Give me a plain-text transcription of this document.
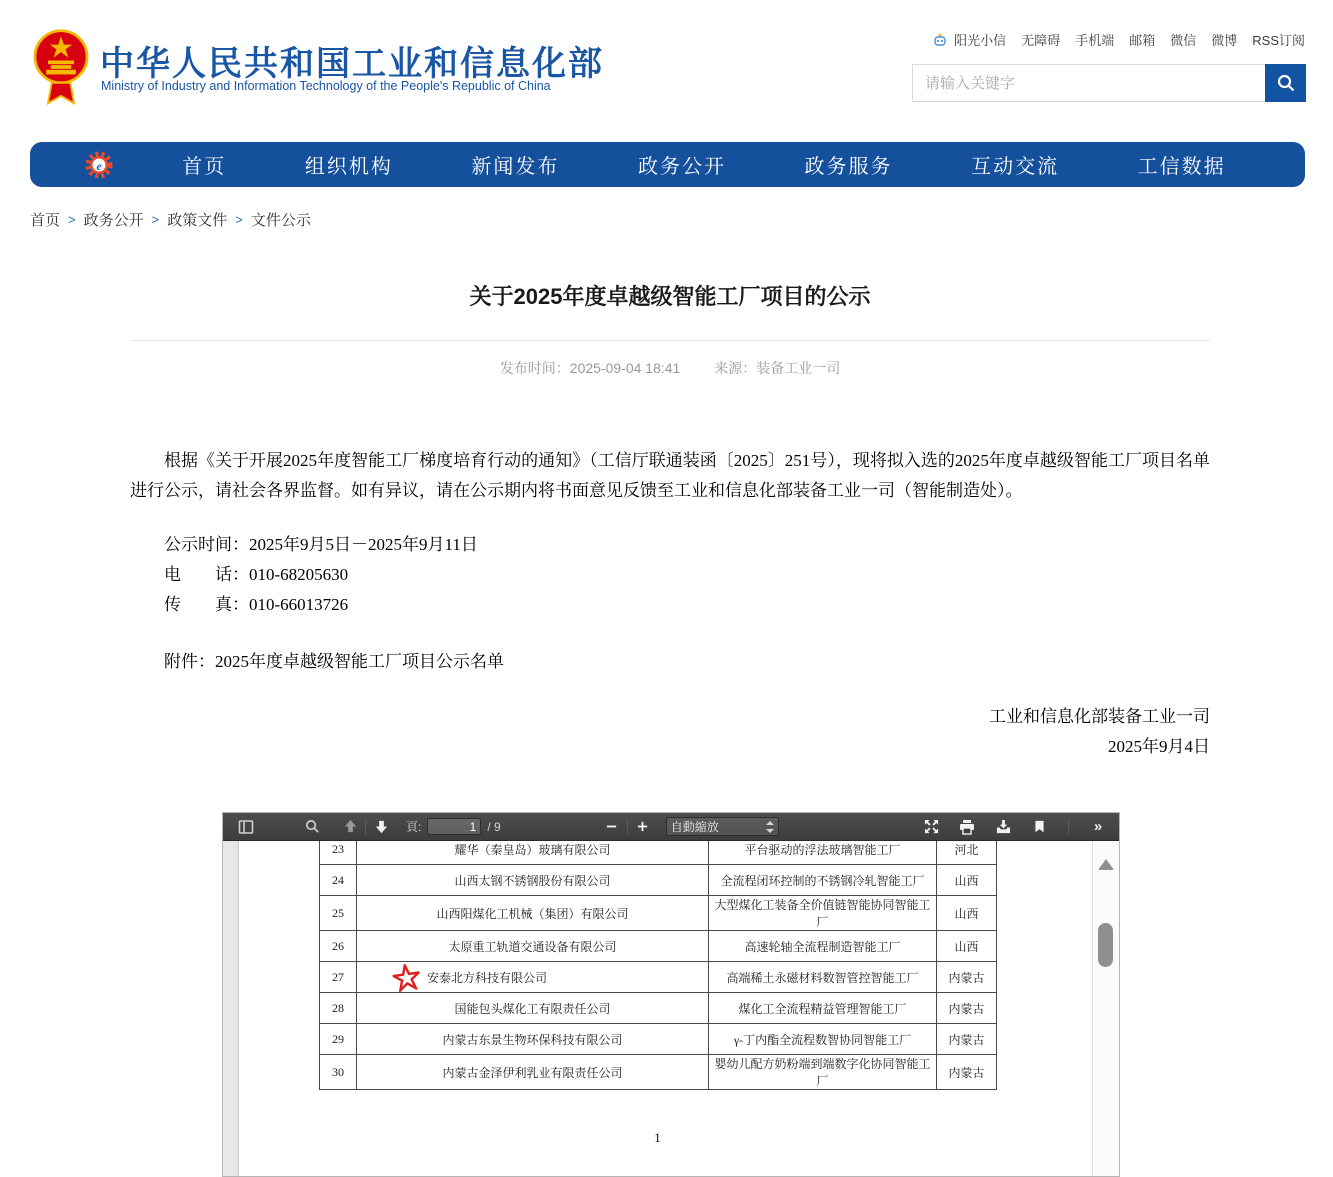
中华人民共和国工业和信息化部
Ministry of Industry and Information Technology of the People's Republic of China
阳光小信 无障碍 手机端 邮箱 微信 微博 RSS订阅
请输入关键字
e	首页	组织机构	新闻发布	政务公开	政务服务	互动交流	工信数据
首页 > 政务公开 > 政策文件 > 文件公示
关于2025年度卓越级智能工厂项目的公示
发布时间：2025-09-04 18:41 来源：装备工业一司
根据《关于开展2025年度智能工厂梯度培育行动的通知》（工信厅联通装函〔2025〕251号），现将拟入选的2025年度卓越级智能工厂项目名单进行公示，请社会各界监督。如有异议，请在公示期内将书面意见反馈至工业和信息化部装备工业一司（智能制造处）。
公示时间：2025年9月5日－2025年9月11日
电　　话：010-68205630
传　　真：010-66013726
附件：2025年度卓越级智能工厂项目公示名单
工业和信息化部装备工业一司
2025年9月4日
頁:
1	/ 9	自動縮放	»
23	耀华（秦皇岛）玻璃有限公司	平台驱动的浮法玻璃智能工厂	河北
24	山西太钢不锈钢股份有限公司	全流程闭环控制的不锈钢冷轧智能工厂	山西
25	山西阳煤化工机械（集团）有限公司	大型煤化工装备全价值链智能协同智能工厂	山西
26	太原重工轨道交通设备有限公司	高速轮轴全流程制造智能工厂	山西
27	安泰北方科技有限公司	高端稀土永磁材料数智管控智能工厂	内蒙古
28	国能包头煤化工有限责任公司	煤化工全流程精益管理智能工厂	内蒙古
29	内蒙古东景生物环保科技有限公司	γ-丁内酯全流程数智协同智能工厂	内蒙古
30	内蒙古金泽伊利乳业有限责任公司	婴幼儿配方奶粉端到端数字化协同智能工厂	内蒙古
1
